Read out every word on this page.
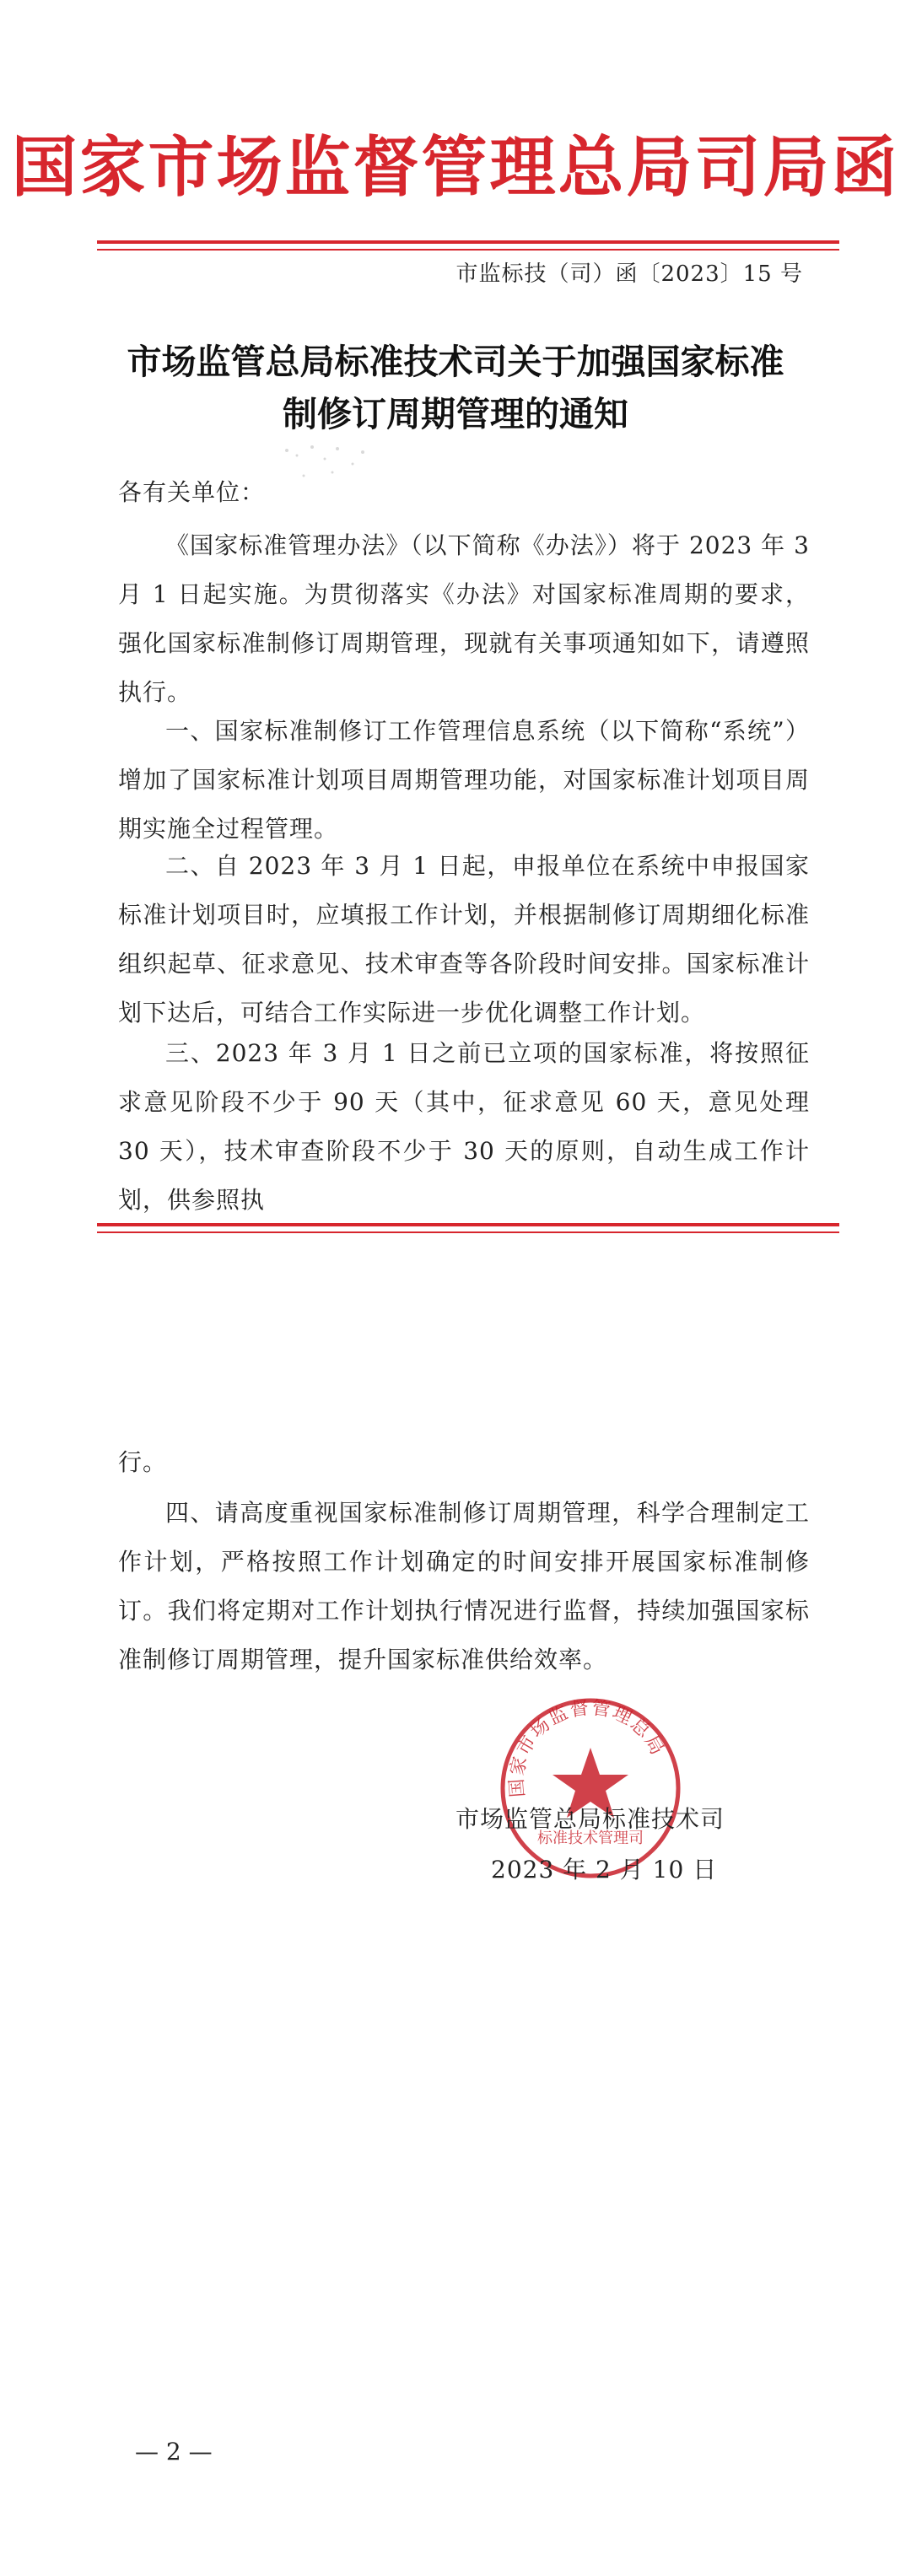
国家市场监督管理总局司局函
市监标技（司）函〔2023〕15 号
市场监管总局标准技术司关于加强国家标准
制修订周期管理的通知
各有关单位：
《国家标准管理办法》（以下简称《办法》）将于 2023 年 3 月 1 日起实施。为贯彻落实《办法》对国家标准周期的要求，强化国家标准制修订周期管理，现就有关事项通知如下，请遵照执行。
一、国家标准制修订工作管理信息系统（以下简称“系统”）增加了国家标准计划项目周期管理功能，对国家标准计划项目周期实施全过程管理。
二、自 2023 年 3 月 1 日起，申报单位在系统中申报国家标准计划项目时，应填报工作计划，并根据制修订周期细化标准组织起草、征求意见、技术审查等各阶段时间安排。国家标准计划下达后，可结合工作实际进一步优化调整工作计划。
三、2023 年 3 月 1 日之前已立项的国家标准，将按照征求意见阶段不少于 90 天（其中，征求意见 60 天，意见处理 30 天），技术审查阶段不少于 30 天的原则，自动生成工作计划，供参照执
行。
四、请高度重视国家标准制修订周期管理，科学合理制定工作计划，严格按照工作计划确定的时间安排开展国家标准制修订。我们将定期对工作计划执行情况进行监督，持续加强国家标准制修订周期管理，提升国家标准供给效率。
国家市场监督管理总局
标准技术管理司
市场监管总局标准技术司
2023 年 2 月 10 日
— 2 —
